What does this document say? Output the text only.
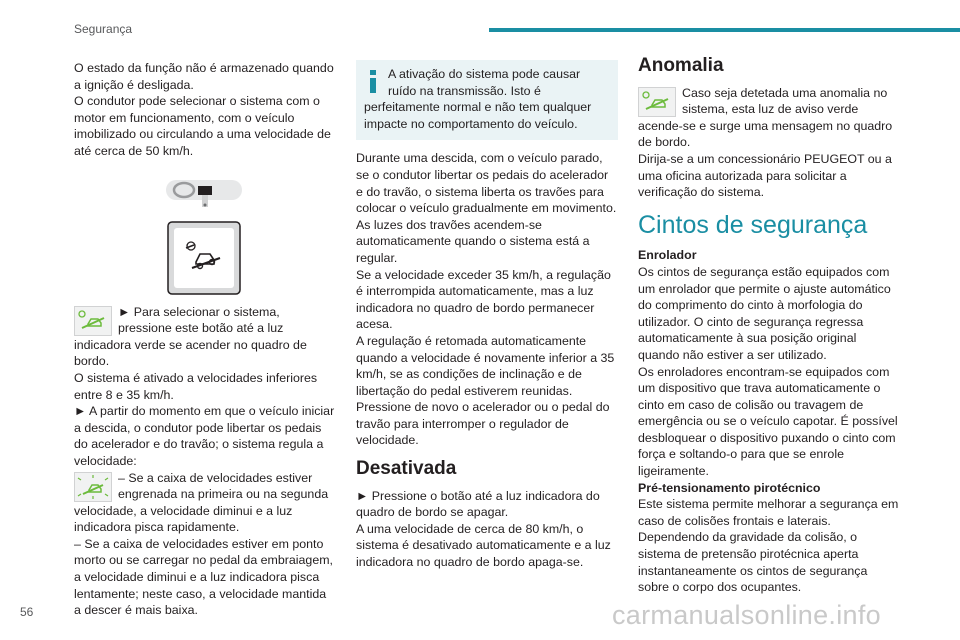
Segurança

O estado da função não é armazenado quando a ignição é desligada.

O condutor pode selecionar o sistema com o motor em funcionamento, com o veículo imobilizado ou circulando a uma velocidade de até cerca de 50 km/h.

► Para selecionar o sistema, pressione este botão até a luz indicadora verde se acender no quadro de bordo.

O sistema é ativado a velocidades inferiores entre 8 e 35 km/h.

► A partir do momento em que o veículo iniciar a descida, o condutor pode libertar os pedais do acelerador e do travão; o sistema regula a velocidade:

– Se a caixa de velocidades estiver engrenada na primeira ou na segunda velocidade, a velocidade diminui e a luz indicadora pisca rapidamente.

– Se a caixa de velocidades estiver em ponto morto ou se carregar no pedal da embraiagem, a velocidade diminui e a luz indicadora pisca lentamente; neste caso, a velocidade mantida a descer é mais baixa.

A ativação do sistema pode causar ruído na transmissão. Isto é perfeitamente normal e não tem qualquer impacte no comportamento do veículo.

Durante uma descida, com o veículo parado, se o condutor libertar os pedais do acelerador e do travão, o sistema liberta os travões para colocar o veículo gradualmente em movimento.

As luzes dos travões acendem-se automaticamente quando o sistema está a regular.

Se a velocidade exceder 35 km/h, a regulação é interrompida automaticamente, mas a luz indicadora no quadro de bordo permanecer acesa.

A regulação é retomada automaticamente quando a velocidade é novamente inferior a 35 km/h, se as condições de inclinação e de libertação do pedal estiverem reunidas.

Pressione de novo o acelerador ou o pedal do travão para interromper o regulador de velocidade.

Desativada

► Pressione o botão até a luz indicadora do quadro de bordo se apagar.

A uma velocidade de cerca de 80 km/h, o sistema é desativado automaticamente e a luz indicadora no quadro de bordo apaga-se.

Anomalia

Caso seja detetada uma anomalia no sistema, esta luz de aviso verde acende-se e surge uma mensagem no quadro de bordo.

Dirija-se a um concessionário PEUGEOT ou a uma oficina autorizada para solicitar a verificação do sistema.

Cintos de segurança

Enrolador

Os cintos de segurança estão equipados com um enrolador que permite o ajuste automático do comprimento do cinto à morfologia do utilizador. O cinto de segurança regressa automaticamente à sua posição original quando não estiver a ser utilizado.

Os enroladores encontram-se equipados com um dispositivo que trava automaticamente o cinto em caso de colisão ou travagem de emergência ou se o veículo capotar. É possível desbloquear o dispositivo puxando o cinto com força e soltando-o para que se enrole ligeiramente.

Pré-tensionamento pirotécnico

Este sistema permite melhorar a segurança em caso de colisões frontais e laterais.

Dependendo da gravidade da colisão, o sistema de pretensão pirotécnica aperta instantaneamente os cintos de segurança sobre o corpo dos ocupantes.

56	carmanualsonline.info
